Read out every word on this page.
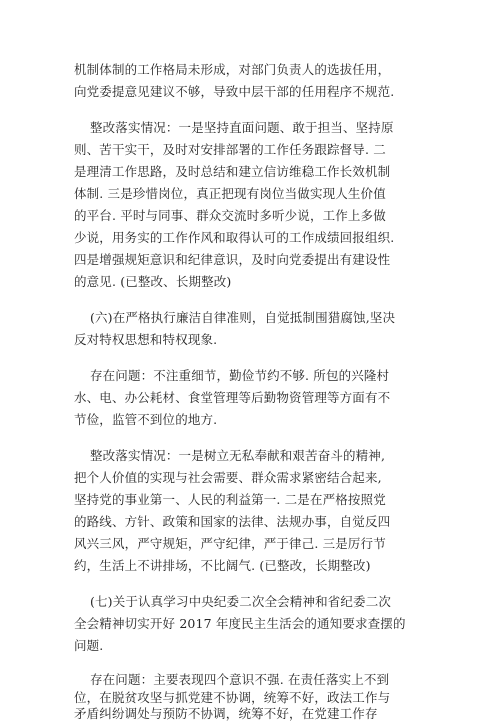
机制体制的工作格局未形成，对部门负责人的选拔任用，
向党委提意见建议不够，导致中层干部的任用程序不规范.
整改落实情况：一是坚持直面问题、敢于担当、坚持原
则、苦干实干，及时对安排部署的工作任务跟踪督导. 二
是理清工作思路，及时总结和建立信访维稳工作长效机制
体制. 三是珍惜岗位，真正把现有岗位当做实现人生价值
的平台. 平时与同事、群众交流时多听少说，工作上多做
少说，用务实的工作作风和取得认可的工作成绩回报组织.
四是增强规矩意识和纪律意识，及时向党委提出有建设性
的意见. (已整改、长期整改)
(六)在严格执行廉洁自律准则，自觉抵制围猎腐蚀,坚决
反对特权思想和特权现象.
存在问题：不注重细节，勤俭节约不够. 所包的兴隆村
水、电、办公耗材、食堂管理等后勤物资管理等方面有不
节俭，监管不到位的地方.
整改落实情况：一是树立无私奉献和艰苦奋斗的精神,
把个人价值的实现与社会需要、群众需求紧密结合起来,
坚持党的事业第一、人民的利益第一. 二是在严格按照党
的路线、方针、政策和国家的法律、法规办事，自觉反四
风兴三风，严守规矩，严守纪律，严于律己. 三是厉行节
约，生活上不讲排场，不比阔气. (已整改，长期整改)
(七)关于认真学习中央纪委二次全会精神和省纪委二次
全会精神切实开好 2017 年度民主生活会的通知要求查摆的
问题.
存在问题：主要表现四个意识不强. 在责任落实上不到
位，在脱贫攻坚与抓党建不协调，统筹不好，政法工作与
矛盾纠纷调处与预防不协调，统筹不好，在党建工作存
